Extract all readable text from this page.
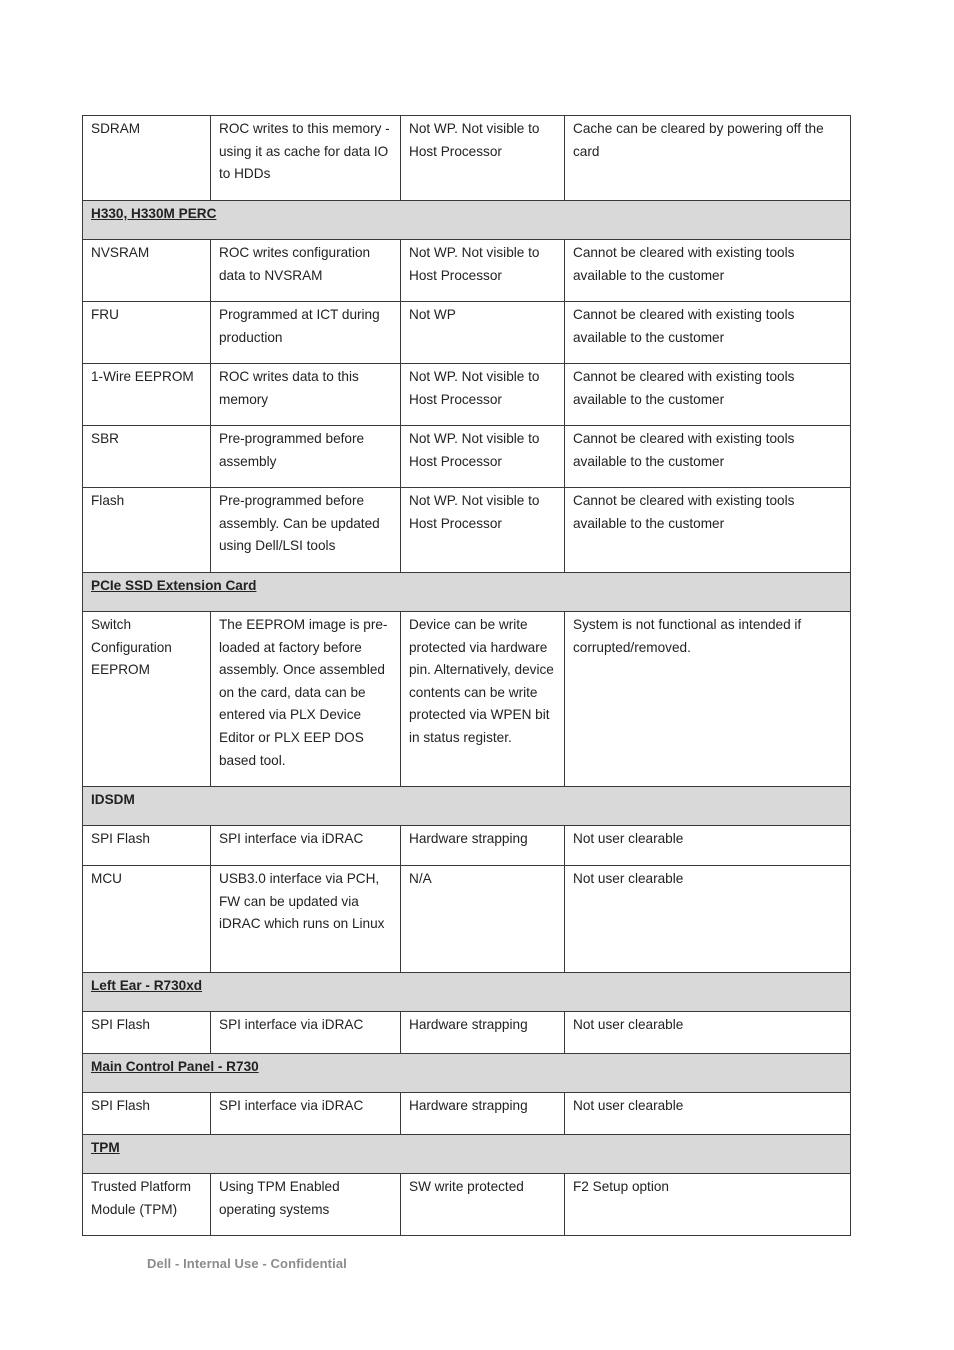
SDRAM	ROC writes to this memory - using it as cache for data IO to HDDs	Not WP. Not visible to Host Processor	Cache can be cleared by powering off the card
H330, H330M PERC			
NVSRAM	ROC writes configuration data to NVSRAM	Not WP. Not visible to Host Processor	Cannot be cleared with existing tools available to the customer
FRU	Programmed at ICT during production	Not WP	Cannot be cleared with existing tools available to the customer
1-Wire EEPROM	ROC writes data to this memory	Not WP. Not visible to Host Processor	Cannot be cleared with existing tools available to the customer
SBR	Pre-programmed before assembly	Not WP. Not visible to Host Processor	Cannot be cleared with existing tools available to the customer
Flash	Pre-programmed before assembly. Can be updated using Dell/LSI tools	Not WP. Not visible to Host Processor	Cannot be cleared with existing tools available to the customer
PCIe SSD Extension Card			
Switch Configuration EEPROM	The EEPROM image is pre-loaded at factory before assembly. Once assembled on the card, data can be entered via PLX Device Editor or PLX EEP DOS based tool.	Device can be write protected via hardware pin. Alternatively, device contents can be write protected via WPEN bit in status register.	System is not functional as intended if corrupted/removed.
IDSDM			
SPI Flash	SPI interface via iDRAC	Hardware strapping	Not user clearable
MCU	USB3.0 interface via PCH, FW can be updated via iDRAC which runs on Linux	N/A	Not user clearable
Left Ear - R730xd			
SPI Flash	SPI interface via iDRAC	Hardware strapping	Not user clearable
Main Control Panel - R730			
SPI Flash	SPI interface via iDRAC	Hardware strapping	Not user clearable
TPM			
Trusted Platform Module (TPM)	Using TPM Enabled operating systems	SW write protected	F2 Setup option
Dell - Internal Use - Confidential
